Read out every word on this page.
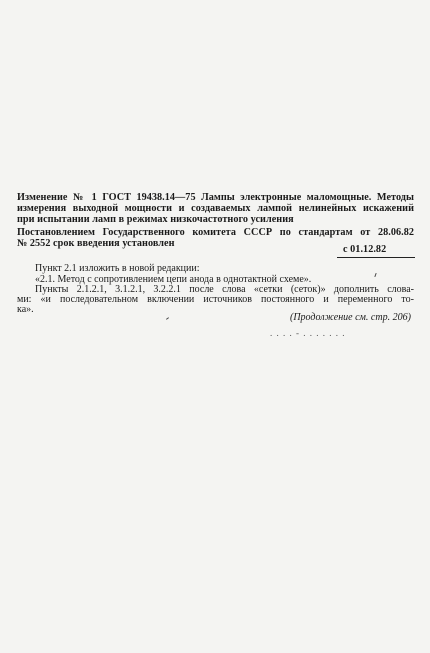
Изменение № 1 ГОСТ 19438.14—75 Лампы электронные маломощные. Методы
измерения выходной мощности и создаваемых лампой нелинейных искажений
при испытании ламп в режимах низкочастотного усиления
Постановлением Государственного комитета СССР по стандартам от 28.06.82
№ 2552 срок введения установлен
с 01.12.82
Пункт 2.1 изложить в новой редакции:
«2.1. Метод с сопротивлением цепи анода в однотактной схеме».
Пункты 2.1.2.1, 3.1.2.1, 3.2.2.1 после слова «сетки (сеток)» дополнить слова-
ми: «и последовательном включении источников постоянного и переменного то-
ка».
(Продолжение см. стр. 206)
. . . . ‑ . . . . . . .
